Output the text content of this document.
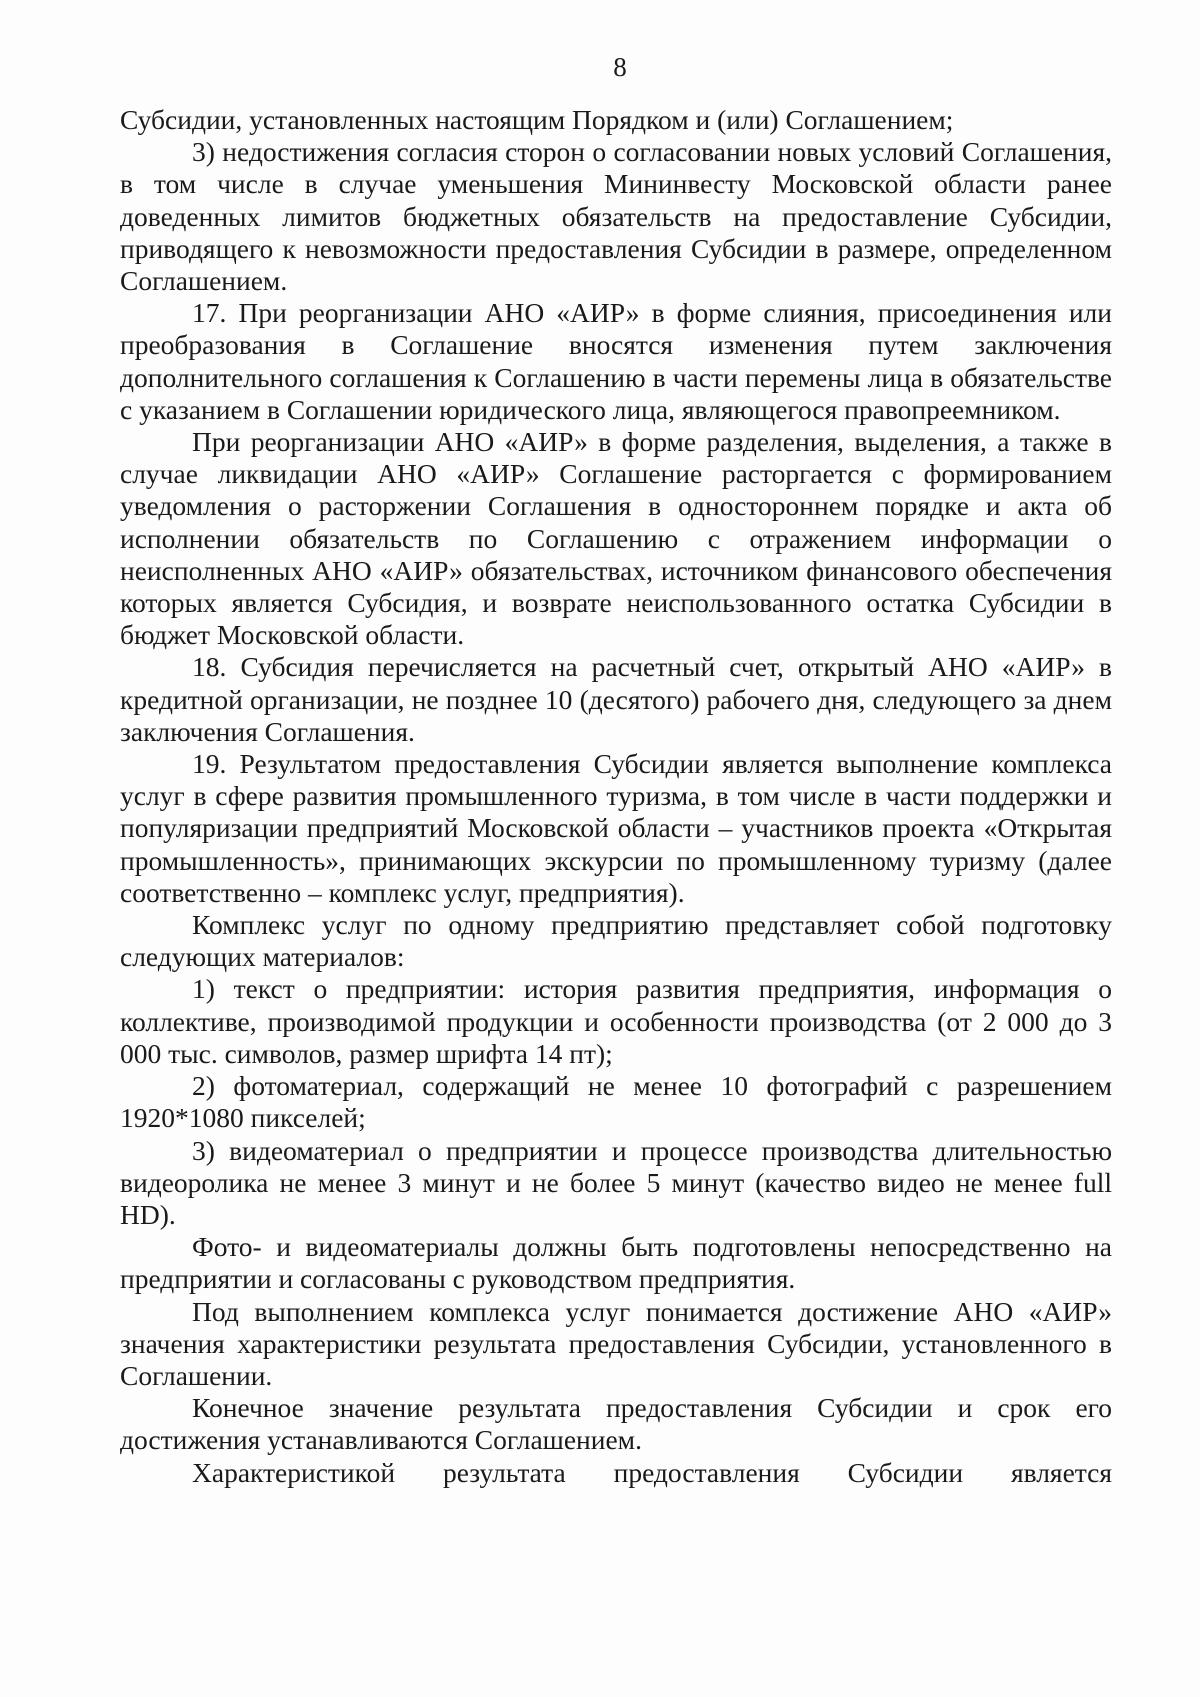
8

Субсидии, установленных настоящим Порядком и (или) Соглашением;

3) недостижения согласия сторон о согласовании новых условий Соглашения, в том числе в случае уменьшения Мининвесту Московской области ранее доведенных лимитов бюджетных обязательств на предоставление Субсидии, приводящего к невозможности предоставления Субсидии в размере, определенном Соглашением.

17. При реорганизации АНО «АИР» в форме слияния, присоединения или преобразования в Соглашение вносятся изменения путем заключения дополнительного соглашения к Соглашению в части перемены лица в обязательстве с указанием в Соглашении юридического лица, являющегося правопреемником.

При реорганизации АНО «АИР» в форме разделения, выделения, а также в случае ликвидации АНО «АИР» Соглашение расторгается с формированием уведомления о расторжении Соглашения в одностороннем порядке и акта об исполнении обязательств по Соглашению с отражением информации о неисполненных АНО «АИР» обязательствах, источником финансового обеспечения которых является Субсидия, и возврате неиспользованного остатка Субсидии в бюджет Московской области.

18. Субсидия перечисляется на расчетный счет, открытый АНО «АИР» в кредитной организации, не позднее 10 (десятого) рабочего дня, следующего за днем заключения Соглашения.

19. Результатом предоставления Субсидии является выполнение комплекса услуг в сфере развития промышленного туризма, в том числе в части поддержки и популяризации предприятий Московской области – участников проекта «Открытая промышленность», принимающих экскурсии по промышленному туризму (далее соответственно – комплекс услуг, предприятия).

Комплекс услуг по одному предприятию представляет собой подготовку следующих материалов:

1) текст о предприятии: история развития предприятия, информация о коллективе, производимой продукции и особенности производства (от 2 000 до 3 000 тыс. символов, размер шрифта 14 пт);

2) фотоматериал, содержащий не менее 10 фотографий с разрешением 1920*1080 пикселей;

3) видеоматериал о предприятии и процессе производства длительностью видеоролика не менее 3 минут и не более 5 минут (качество видео не менее full HD).

Фото- и видеоматериалы должны быть подготовлены непосредственно на предприятии и согласованы с руководством предприятия.

Под выполнением комплекса услуг понимается достижение АНО «АИР» значения характеристики результата предоставления Субсидии, установленного в Соглашении.

Конечное значение результата предоставления Субсидии и срок его достижения устанавливаются Соглашением.

Характеристикой результата предоставления Субсидии является
